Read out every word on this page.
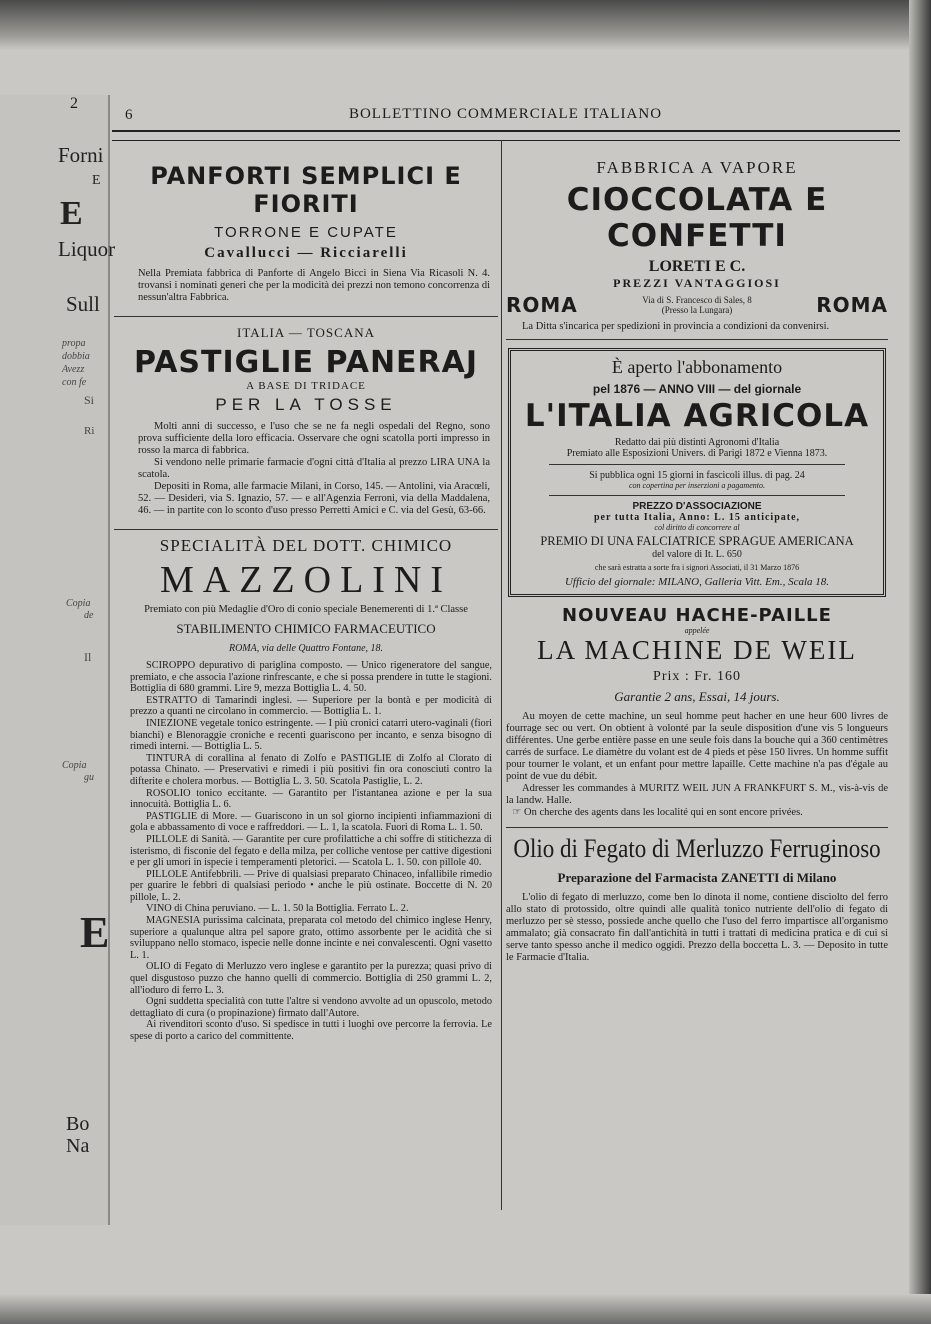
2
Forni
E
E
Liquor
Sull
propa
dobbia
Avezz
con fe
Si
Ri
Copia
de
Il
Copia
gu
E
Bo
Na
6	BOLLETTINO COMMERCIALE ITALIANO
PANFORTI SEMPLICI E FIORITI
TORRONE E CUPATE
Cavallucci — Ricciarelli

Nella Premiata fabbrica di Panforte di Angelo Bicci in Siena Via Ricasoli N. 4. trovansi i nominati generi che per la modicità dei prezzi non temono concorrenza di nessun'altra Fabbrica.

ITALIA — TOSCANA
PASTIGLIE PANERAJ
A BASE DI TRIDACE
PER LA TOSSE

Molti anni di successo, e l'uso che se ne fa negli ospedali del Regno, sono prova sufficiente della loro efficacia. Osservare che ogni scatolla porti impresso in rosso la marca di fabbrica.

Si vendono nelle primarie farmacie d'ogni città d'Italia al prezzo LIRA UNA la scatola.

Depositi in Roma, alle farmacie Milani, in Corso, 145. — Antolini, via Aracœli, 52. — Desideri, via S. Ignazio, 57. — e all'Agenzia Ferroni, via della Maddalena, 46. — in partite con lo sconto d'uso presso Perretti Amici e C. via del Gesù, 63-66.

SPECIALITÀ DEL DOTT. CHIMICO
MAZZOLINI
Premiato con più Medaglie d'Oro di conio speciale Benemerenti di 1.ª Classe
STABILIMENTO CHIMICO FARMACEUTICO
ROMA, via delle Quattro Fontane, 18.

SCIROPPO depurativo di pariglina composto. — Unico rigeneratore del sangue, premiato, e che associa l'azione rinfrescante, e che si possa prendere in tutte le stagioni. Bottiglia di 680 grammi. Lire 9, mezza Bottiglia L. 4. 50.

ESTRATTO di Tamarindi inglesi. — Superiore per la bontà e per modicità di prezzo a quanti ne circolano in commercio. — Bottiglia L. 1.

INIEZIONE vegetale tonico estringente. — I più cronici catarri utero-vaginali (fiori bianchi) e Blenoraggie croniche e recenti guariscono per incanto, e senza bisogno di rimedi interni. — Bottiglia L. 5.

TINTURA di corallina al fenato di Zolfo e PASTIGLIE di Zolfo al Clorato di potassa Chinato. — Preservativi e rimedi i più positivi fin ora conosciuti contro la difterite e cholera morbus. — Bottiglia L. 3. 50. Scatola Pastiglie, L. 2.

ROSOLIO tonico eccitante. — Garantito per l'istantanea azione e per la sua innocuità. Bottiglia L. 6.

PASTIGLIE di More. — Guariscono in un sol giorno incipienti infiammazioni di gola e abbassamento di voce e raffreddori. — L. 1, la scatola. Fuori di Roma L. 1. 50.

PILLOLE di Sanità. — Garantite per cure profilattiche a chi soffre di stitichezza di isterismo, di fisconie del fegato e della milza, per colliche ventose per cattive digestioni e per gli umori in ispecie i temperamenti pletorici. — Scatola L. 1. 50. con pillole 40.

PILLOLE Antifebbrili. — Prive di qualsiasi preparato Chinaceo, infallibile rimedio per guarire le febbri di qualsiasi periodo • anche le più ostinate. Boccette di N. 20 pillole, L. 2.

VINO di China peruviano. — L. 1. 50 la Bottiglia. Ferrato L. 2.

MAGNESIA purissima calcinata, preparata col metodo del chimico inglese Henry, superiore a qualunque altra pel sapore grato, ottimo assorbente per le acidità che si sviluppano nello stomaco, ispecie nelle donne incinte e nei convalescenti. Ogni vasetto L. 1.

OLIO di Fegato di Merluzzo vero inglese e garantito per la purezza; quasi privo di quel disgustoso puzzo che hanno quelli di commercio. Bottiglia di 250 grammi L. 2, all'ioduro di ferro L. 3.

Ogni suddetta specialità con tutte l'altre si vendono avvolte ad un opuscolo, metodo dettagliato di cura (o propinazione) firmato dall'Autore.

Ai rivenditori sconto d'uso. Si spedisce in tutti i luoghi ove percorre la ferrovia. Le spese di porto a carico del committente.

FABBRICA A VAPORE
CIOCCOLATA E CONFETTI
LORETI E C.
PREZZI VANTAGGIOSI
ROMA	Via di S. Francesco di Sales, 8
(Presso la Lungara)	ROMA

La Ditta s'incarica per spedizioni in provincia a condizioni da convenirsi.

È aperto l'abbonamento
pel 1876 — ANNO VIII — del giornale
L'ITALIA AGRICOLA
Redatto dai più distinti Agronomi d'Italia
Premiato alle Esposizioni Univers. di Parigi 1872 e Vienna 1873.
Si pubblica ogni 15 giorni in fascicoli illus. di pag. 24
con copertina per inserzioni a pagamento.
PREZZO D'ASSOCIAZIONE
per tutta Italia, Anno: L. 15 anticipate,
col diritto di concorrere al
PREMIO DI UNA FALCIATRICE SPRAGUE AMERICANA
del valore di It. L. 650
che sarà estratta a sorte fra i signori Associati, il 31 Marzo 1876
Ufficio del giornale: MILANO, Galleria Vitt. Em., Scala 18.
NOUVEAU HACHE-PAILLE
appelée
LA MACHINE DE WEIL
Prix : Fr. 160
Garantie 2 ans, Essai, 14 jours.

Au moyen de cette machine, un seul homme peut hacher en une heur 600 livres de fourrage sec ou vert. On obtient à volonté par la seule disposition d'une vis 5 longueurs différentes. Une gerbe entière passe en une seule fois dans la bouche qui a 360 centimètres carrés de surface. Le diamètre du volant est de 4 pieds et pèse 150 livres. Un homme suffit pour tourner le volant, et un enfant pour mettre lapaille. Cette machine n'a pas d'égale au point de vue du débit.

Adresser les commandes à MURITZ WEIL JUN A FRANKFURT S. M., vis-à-vis de la landw. Halle.

☞ On cherche des agents dans les localité qui en sont encore privées.

Olio di Fegato di Merluzzo Ferruginoso
Preparazione del Farmacista ZANETTI di Milano

L'olio di fegato di merluzzo, come ben lo dinota il nome, contiene disciolto del ferro allo stato di protossido, oltre quindi alle qualità tonico nutriente dell'olio di fegato di merluzzo per sè stesso, possiede anche quello che l'uso del ferro impartisce all'organismo ammalato; già consacrato fin dall'antichità in tutti i trattati di medicina pratica e di cui si serve tanto spesso anche il medico oggidì. Prezzo della boccetta L. 3. — Deposito in tutte le Farmacie d'Italia.
